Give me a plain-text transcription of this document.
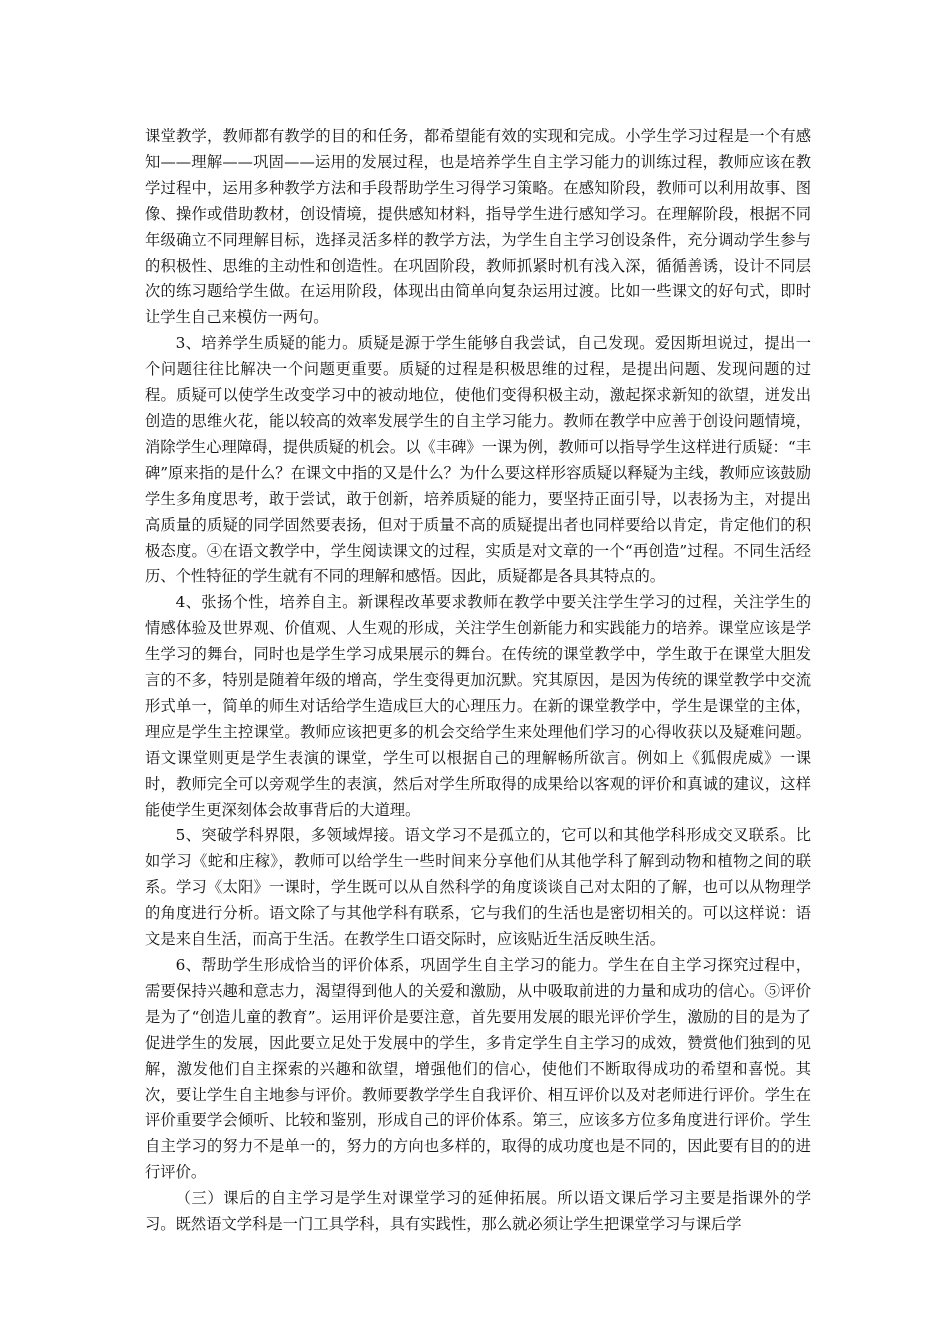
课堂教学，教师都有教学的目的和任务，都希望能有效的实现和完成。小学生学习过程是一个有感知——理解——巩固——运用的发展过程，也是培养学生自主学习能力的训练过程，教师应该在教学过程中，运用多种教学方法和手段帮助学生习得学习策略。在感知阶段，教师可以利用故事、图像、操作或借助教材，创设情境，提供感知材料，指导学生进行感知学习。在理解阶段，根据不同年级确立不同理解目标，选择灵活多样的教学方法，为学生自主学习创设条件，充分调动学生参与的积极性、思维的主动性和创造性。在巩固阶段，教师抓紧时机有浅入深，循循善诱，设计不同层次的练习题给学生做。在运用阶段，体现出由简单向复杂运用过渡。比如一些课文的好句式，即时让学生自己来模仿一两句。

3、培养学生质疑的能力。质疑是源于学生能够自我尝试，自己发现。爱因斯坦说过，提出一个问题往往比解决一个问题更重要。质疑的过程是积极思维的过程，是提出问题、发现问题的过程。质疑可以使学生改变学习中的被动地位，使他们变得积极主动，激起探求新知的欲望，迸发出创造的思维火花，能以较高的效率发展学生的自主学习能力。教师在教学中应善于创设问题情境，消除学生心理障碍，提供质疑的机会。以《丰碑》一课为例，教师可以指导学生这样进行质疑：“丰碑”原来指的是什么？在课文中指的又是什么？为什么要这样形容质疑以释疑为主线，教师应该鼓励学生多角度思考，敢于尝试，敢于创新，培养质疑的能力，要坚持正面引导，以表扬为主，对提出高质量的质疑的同学固然要表扬，但对于质量不高的质疑提出者也同样要给以肯定，肯定他们的积极态度。④在语文教学中，学生阅读课文的过程，实质是对文章的一个“再创造”过程。不同生活经历、个性特征的学生就有不同的理解和感悟。因此，质疑都是各具其特点的。

4、张扬个性，培养自主。新课程改革要求教师在教学中要关注学生学习的过程，关注学生的情感体验及世界观、价值观、人生观的形成，关注学生创新能力和实践能力的培养。课堂应该是学生学习的舞台，同时也是学生学习成果展示的舞台。在传统的课堂教学中，学生敢于在课堂大胆发言的不多，特别是随着年级的增高，学生变得更加沉默。究其原因，是因为传统的课堂教学中交流形式单一，简单的师生对话给学生造成巨大的心理压力。在新的课堂教学中，学生是课堂的主体，理应是学生主控课堂。教师应该把更多的机会交给学生来处理他们学习的心得收获以及疑难问题。语文课堂则更是学生表演的课堂，学生可以根据自己的理解畅所欲言。例如上《狐假虎威》一课时，教师完全可以旁观学生的表演，然后对学生所取得的成果给以客观的评价和真诚的建议，这样能使学生更深刻体会故事背后的大道理。

5、突破学科界限，多领域焊接。语文学习不是孤立的，它可以和其他学科形成交叉联系。比如学习《蛇和庄稼》，教师可以给学生一些时间来分享他们从其他学科了解到动物和植物之间的联系。学习《太阳》一课时，学生既可以从自然科学的角度谈谈自己对太阳的了解，也可以从物理学的角度进行分析。语文除了与其他学科有联系，它与我们的生活也是密切相关的。可以这样说：语文是来自生活，而高于生活。在教学生口语交际时，应该贴近生活反映生活。

6、帮助学生形成恰当的评价体系，巩固学生自主学习的能力。学生在自主学习探究过程中，需要保持兴趣和意志力，渴望得到他人的关爱和激励，从中吸取前进的力量和成功的信心。⑤评价是为了“创造儿童的教育”。运用评价是要注意，首先要用发展的眼光评价学生，激励的目的是为了促进学生的发展，因此要立足处于发展中的学生，多肯定学生自主学习的成效，赞赏他们独到的见解，激发他们自主探索的兴趣和欲望，增强他们的信心，使他们不断取得成功的希望和喜悦。其次，要让学生自主地参与评价。教师要教学学生自我评价、相互评价以及对老师进行评价。学生在评价重要学会倾听、比较和鉴别，形成自己的评价体系。第三，应该多方位多角度进行评价。学生自主学习的努力不是单一的，努力的方向也多样的，取得的成功度也是不同的，因此要有目的的进行评价。

（三）课后的自主学习是学生对课堂学习的延伸拓展。所以语文课后学习主要是指课外的学习。既然语文学科是一门工具学科，具有实践性，那么就必须让学生把课堂学习与课后学
